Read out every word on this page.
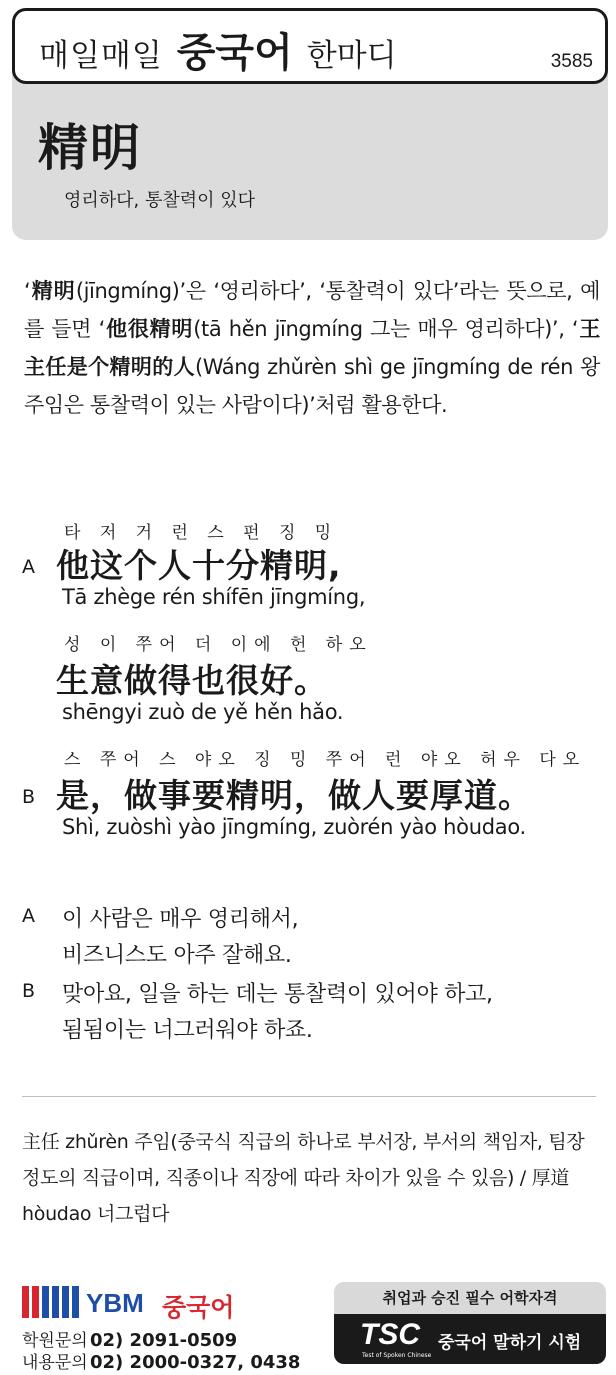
매일매일 중국어 한마디	3585
精明
영리하다, 통찰력이 있다

‘精明(jīngmíng)’은 ‘영리하다’, ‘통찰력이 있다’라는 뜻으로, 예를 들면 ‘他很精明(tā hěn jīngmíng 그는 매우 영리하다)’, ‘王主任是个精明的人(Wáng zhǔrèn shì ge jīngmíng de rén 왕 주임은 통찰력이 있는 사람이다)’처럼 활용한다.

타 저 거 런 스 펀 징 밍
A 他这个人十分精明,
Tā zhège rén shífēn jīngmíng,
성 이 쭈어 더 이에 헌 하오
生意做得也很好。
shēngyi zuò de yě hěn hǎo.
스 쭈어 스 야오 징 밍 쭈어 런 야오 허우 다오
B 是，做事要精明，做人要厚道。
Shì, zuòshì yào jīngmíng, zuòrén yào hòudao.
A 이 사람은 매우 영리해서,
비즈니스도 아주 잘해요.
B 맞아요, 일을 하는 데는 통찰력이 있어야 하고,
됨됨이는 너그러워야 하죠.

主任 zhǔrèn 주임(중국식 직급의 하나로 부서장, 부서의 책임자, 팀장 정도의 직급이며, 직종이나 직장에 따라 차이가 있을 수 있음) / 厚道 hòudao 너그럽다

YBM 중국어
학원문의 02) 2091-0509
내용문의 02) 2000-0327, 0438
취업과 승진 필수 어학자격
TSC
Test of Spoken Chinese
중국어 말하기 시험
